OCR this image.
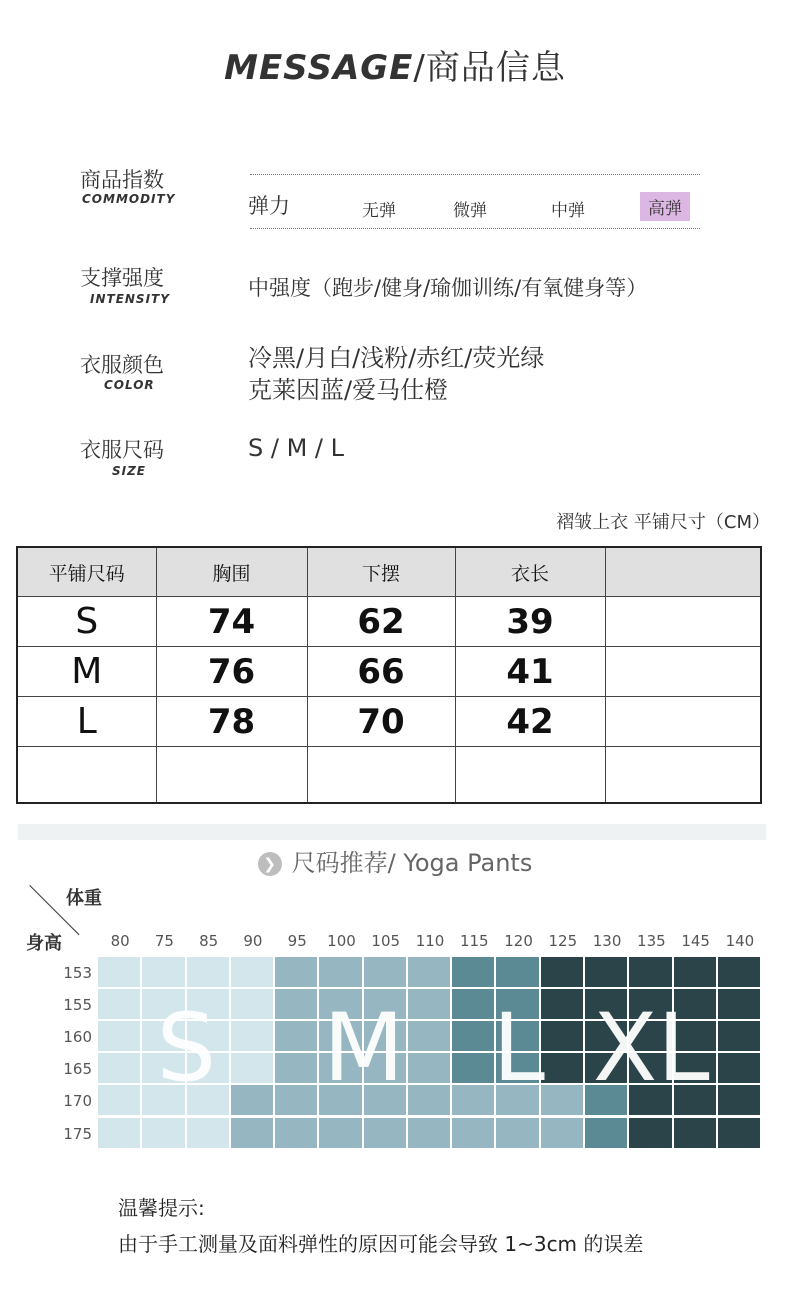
MESSAGE/商品信息
商品指数
COMMODITY	弹力	无弹	微弹	中弹	高弹
支撑强度
INTENSITY	中强度（跑步/健身/瑜伽训练/有氧健身等）
衣服颜色
COLOR
冷黑/月白/浅粉/赤红/荧光绿
克莱因蓝/爱马仕橙
衣服尺码
SIZE
S / M / L
褶皱上衣 平铺尺寸（CM）
平铺尺码	胸围	下摆	衣长	
S	74	62	39	
M	76	66	41	
L	78	70	42	

❯ 尺码推荐/ Yoga Pants
体重
身高	80	75	85	90	95	100	105	110	115	120	125	130	135	145	140
153
155
160
165
170
175
S M L XL
温馨提示:
由于手工测量及面料弹性的原因可能会导致 1~3cm 的误差
